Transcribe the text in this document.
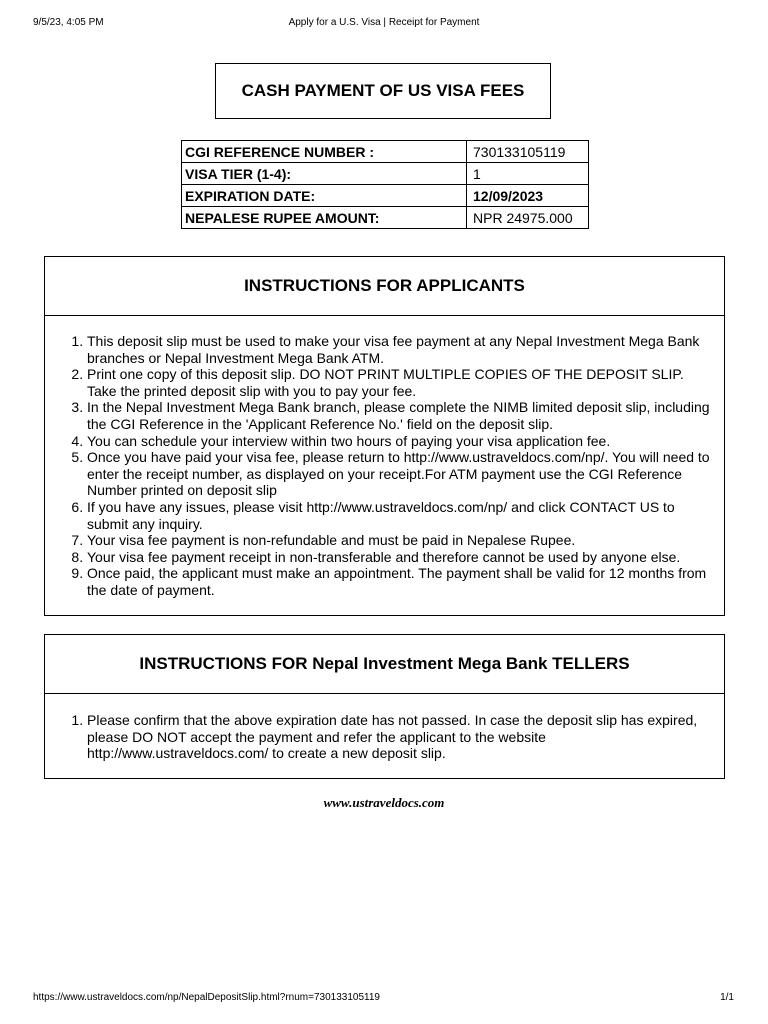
9/5/23, 4:05 PM	Apply for a U.S. Visa | Receipt for Payment
CASH PAYMENT OF US VISA FEES
CGI REFERENCE NUMBER :	730133105119
VISA TIER (1-4):	1
EXPIRATION DATE:	12/09/2023
NEPALESE RUPEE AMOUNT:	NPR 24975.000
INSTRUCTIONS FOR APPLICANTS
1. This deposit slip must be used to make your visa fee payment at any Nepal Investment Mega Bank branches or Nepal Investment Mega Bank ATM.
2. Print one copy of this deposit slip. DO NOT PRINT MULTIPLE COPIES OF THE DEPOSIT SLIP. Take the printed deposit slip with you to pay your fee.
3. In the Nepal Investment Mega Bank branch, please complete the NIMB limited deposit slip, including the CGI Reference in the 'Applicant Reference No.' field on the deposit slip.
4. You can schedule your interview within two hours of paying your visa application fee.
5. Once you have paid your visa fee, please return to http://www.ustraveldocs.com/np/. You will need to enter the receipt number, as displayed on your receipt.For ATM payment use the CGI Reference Number printed on deposit slip
6. If you have any issues, please visit http://www.ustraveldocs.com/np/ and click CONTACT US to submit any inquiry.
7. Your visa fee payment is non-refundable and must be paid in Nepalese Rupee.
8. Your visa fee payment receipt in non-transferable and therefore cannot be used by anyone else.
9. Once paid, the applicant must make an appointment. The payment shall be valid for 12 months from the date of payment.
INSTRUCTIONS FOR Nepal Investment Mega Bank TELLERS
1. Please confirm that the above expiration date has not passed. In case the deposit slip has expired, please DO NOT accept the payment and refer the applicant to the website http://www.ustraveldocs.com/ to create a new deposit slip.
www.ustraveldocs.com
https://www.ustraveldocs.com/np/NepalDepositSlip.html?rnum=730133105119	1/1
